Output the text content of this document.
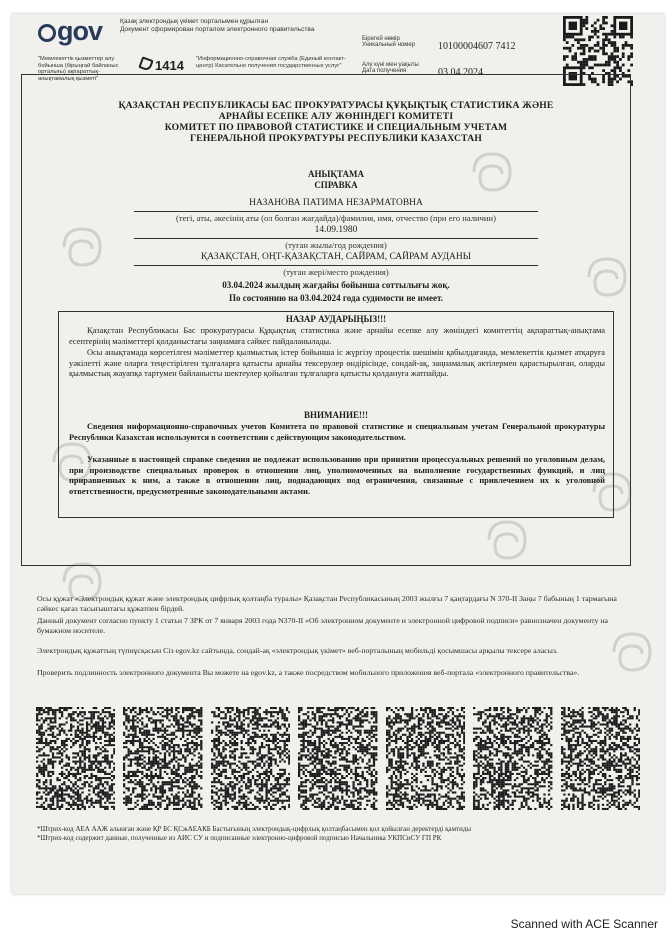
gov	Қазақ электрондық үкімет порталымен құрылған
Документ сформирован порталом электронного правительства
"Мемлекеттік қызметтер алу бойынша (бірыңғай байланыс орталығы) ақпараттық-анықтамалық қызметі"
1414 "Информационно-справочная служба (Единый контакт-центр) Касательно получения государственных услуг"
Бірегей нөмір
Уникальный номер 10100004607 7412
Алу күні мен уақыты
Дата получения	03.04.2024
ҚАЗАҚСТАН РЕСПУБЛИКАСЫ БАС ПРОКУРАТУРАСЫ ҚҰҚЫҚТЫҚ СТАТИСТИКА ЖӘНЕ
АРНАЙЫ ЕСЕПКЕ АЛУ ЖӨНІНДЕГІ КОМИТЕТІ
КОМИТЕТ ПО ПРАВОВОЙ СТАТИСТИКЕ И СПЕЦИАЛЬНЫМ УЧЕТАМ
ГЕНЕРАЛЬНОЙ ПРОКУРАТУРЫ РЕСПУБЛИКИ КАЗАХСТАН
АНЫҚТАМА
СПРАВКА
НАЗАНОВА ПАТИМА НЕЗАРМАТОВНА
(тегі, аты, әкесінің аты (ол болған жағдайда)/фамилия, имя, отчество (при его наличии)
14.09.1980
(туған жылы/год рождения)
ҚАЗАҚСТАН, ОҢТ-ҚАЗАҚСТАН, САЙРАМ, САЙРАМ АУДАНЫ
(туған жері/место рождения)
03.04.2024 жылдың жағдайы бойынша соттылығы жоқ.
По состоянию на 03.04.2024 года судимости не имеет.
НАЗАР АУДАРЫҢЫЗ!!!
Қазақстан Республикасы Бас прокуратурасы Құқықтық статистика және арнайы есепке алу жөніндегі комитеттің ақпараттық-анықтама есептерінің мәліметтері қолданыстағы заңнамаға сәйкес пайдаланылады.
Осы анықтамада көрсетілген мәліметтер қылмыстық істер бойынша іс жүргізу процестік шешімін қабылдағанда, мемлекеттік қызмет атқаруға уәкілетті және оларға теңестірілген тұлғаларға қатысты арнайы тексерулер өндірісінде, сондай-ақ, заңнамалық актілермен қарастырылған, оларды қылмыстық жауапқа тартумен байланысты шектеулер қойылған тұлғаларға қатысты қолдануға жатпайды.
ВНИМАНИЕ!!!
Сведения информационно-справочных учетов Комитета по правовой статистике и специальным учетам Генеральной прокуратуры Республики Казахстан используются в соответствии с действующим законодательством.
Указанные в настоящей справке сведения не подлежат использованию при принятии процессуальных решений по уголовным делам, при производстве специальных проверок в отношении лиц, уполномоченных на выполнение государственных функций, и лиц приравненных к ним, а также в отношении лиц, поднадающих под ограничения, связанные с привлечением их к уголовной ответственности, предусмотренные законодательными актами.
Осы құжат «Электрондық құжат және электрондық цифрлық қолтаңба туралы» Қазақстан Республикасының 2003 жылғы 7 қаңтардағы N 370-II Заңы 7 бабының 1 тармағына сәйкес қағаз тасығыштағы құжатпен бірдей.
Данный документ согласно пункту 1 статьи 7 ЗРК от 7 января 2003 года N370-II «Об электронном документе и электронной цифровой подписи» равнозначен документу на бумажном носителе.
Электрондық құжаттың түпнұсқасын Сіз egov.kz сайтында, сондай-ақ «электрондық үкімет» веб-порталының мобильді қосымшасы арқылы тексере аласыз.
Проверить подлинность электронного документа Вы можете на egov.kz, а также посредством мобильного приложения веб-портала «электронного правительства».
*Штрих-код АЕА ААЖ алынған және ҚР БС ҚСжАЕАКБ Бастығының электрондық-цифрлық қолтаңбасымен қол қойылған деректерді қамтиды
*Штрих-код содержит данные, полученные из АИС СУ и подписанные электронно-цифровой подписью Начальника УКПСиСУ ГП РК
Scanned with ACE Scanner
